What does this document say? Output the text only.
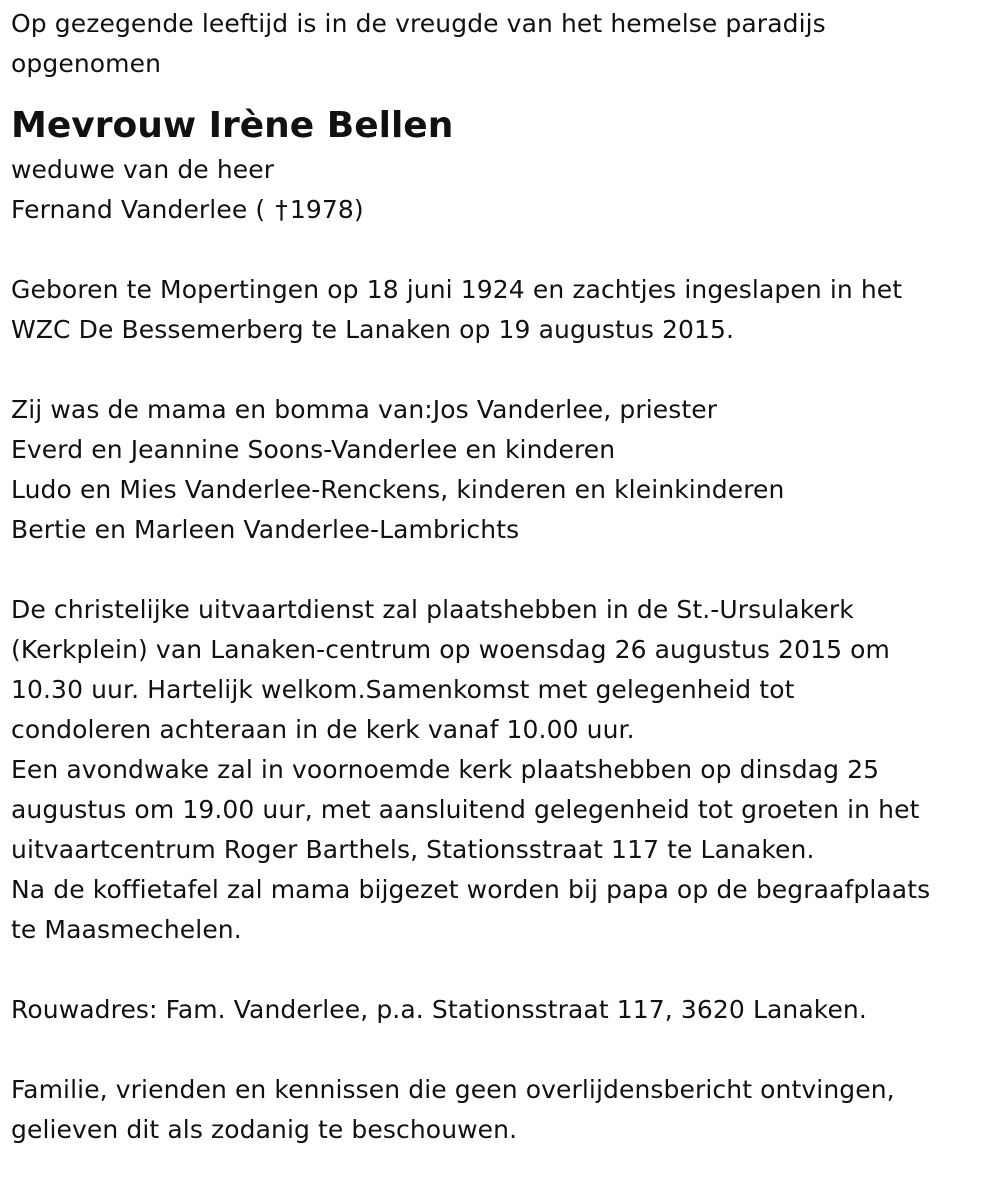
Op gezegende leeftijd is in de vreugde van het hemelse paradijs
opgenomen
Mevrouw Irène Bellen
weduwe van de heer
Fernand Vanderlee ( †1978)
Geboren te Mopertingen op 18 juni 1924 en zachtjes ingeslapen in het
WZC De Bessemerberg te Lanaken op 19 augustus 2015.
Zij was de mama en bomma van:Jos Vanderlee, priester
Everd en Jeannine Soons-Vanderlee en kinderen
Ludo en Mies Vanderlee-Renckens, kinderen en kleinkinderen
Bertie en Marleen Vanderlee-Lambrichts
De christelijke uitvaartdienst zal plaatshebben in de St.-Ursulakerk
(Kerkplein) van Lanaken-centrum op woensdag 26 augustus 2015 om
10.30 uur. Hartelijk welkom.Samenkomst met gelegenheid tot
condoleren achteraan in de kerk vanaf 10.00 uur.
Een avondwake zal in voornoemde kerk plaatshebben op dinsdag 25
augustus om 19.00 uur, met aansluitend gelegenheid tot groeten in het
uitvaartcentrum Roger Barthels, Stationsstraat 117 te Lanaken.
Na de koffietafel zal mama bijgezet worden bij papa op de begraafplaats
te Maasmechelen.
Rouwadres: Fam. Vanderlee, p.a. Stationsstraat 117, 3620 Lanaken.
Familie, vrienden en kennissen die geen overlijdensbericht ontvingen,
gelieven dit als zodanig te beschouwen.
